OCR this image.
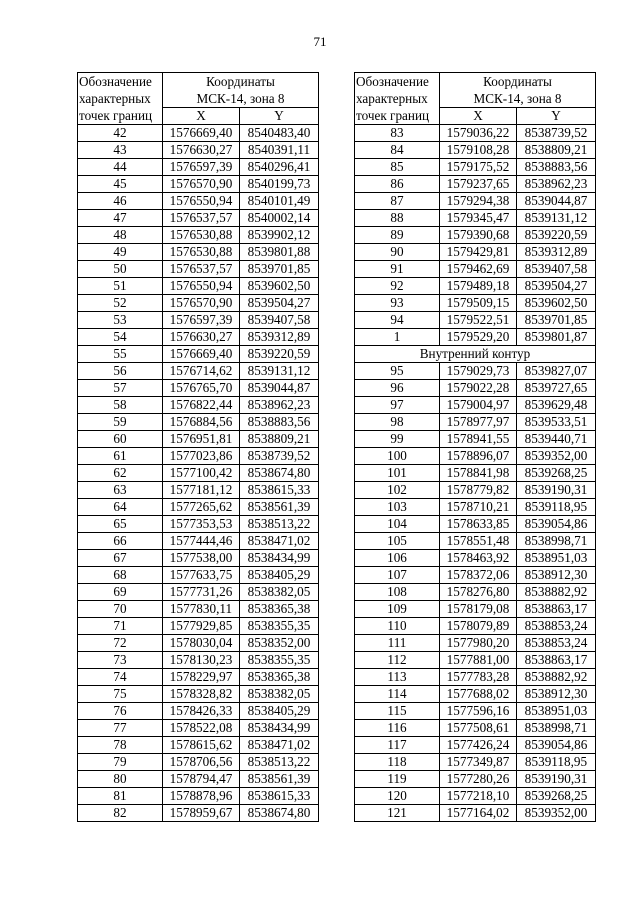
71
Обозначение
характерных
точек границ	Координаты
МСК-14, зона 8	
	X	Y
42	1576669,40	8540483,40
43	1576630,27	8540391,11
44	1576597,39	8540296,41
45	1576570,90	8540199,73
46	1576550,94	8540101,49
47	1576537,57	8540002,14
48	1576530,88	8539902,12
49	1576530,88	8539801,88
50	1576537,57	8539701,85
51	1576550,94	8539602,50
52	1576570,90	8539504,27
53	1576597,39	8539407,58
54	1576630,27	8539312,89
55	1576669,40	8539220,59
56	1576714,62	8539131,12
57	1576765,70	8539044,87
58	1576822,44	8538962,23
59	1576884,56	8538883,56
60	1576951,81	8538809,21
61	1577023,86	8538739,52
62	1577100,42	8538674,80
63	1577181,12	8538615,33
64	1577265,62	8538561,39
65	1577353,53	8538513,22
66	1577444,46	8538471,02
67	1577538,00	8538434,99
68	1577633,75	8538405,29
69	1577731,26	8538382,05
70	1577830,11	8538365,38
71	1577929,85	8538355,35
72	1578030,04	8538352,00
73	1578130,23	8538355,35
74	1578229,97	8538365,38
75	1578328,82	8538382,05
76	1578426,33	8538405,29
77	1578522,08	8538434,99
78	1578615,62	8538471,02
79	1578706,56	8538513,22
80	1578794,47	8538561,39
81	1578878,96	8538615,33
82	1578959,67	8538674,80
Обозначение
характерных
точек границ	Координаты
МСК-14, зона 8	
	X	Y
83	1579036,22	8538739,52
84	1579108,28	8538809,21
85	1579175,52	8538883,56
86	1579237,65	8538962,23
87	1579294,38	8539044,87
88	1579345,47	8539131,12
89	1579390,68	8539220,59
90	1579429,81	8539312,89
91	1579462,69	8539407,58
92	1579489,18	8539504,27
93	1579509,15	8539602,50
94	1579522,51	8539701,85
1	1579529,20	8539801,87
Внутренний контур		
95	1579029,73	8539827,07
96	1579022,28	8539727,65
97	1579004,97	8539629,48
98	1578977,97	8539533,51
99	1578941,55	8539440,71
100	1578896,07	8539352,00
101	1578841,98	8539268,25
102	1578779,82	8539190,31
103	1578710,21	8539118,95
104	1578633,85	8539054,86
105	1578551,48	8538998,71
106	1578463,92	8538951,03
107	1578372,06	8538912,30
108	1578276,80	8538882,92
109	1578179,08	8538863,17
110	1578079,89	8538853,24
111	1577980,20	8538853,24
112	1577881,00	8538863,17
113	1577783,28	8538882,92
114	1577688,02	8538912,30
115	1577596,16	8538951,03
116	1577508,61	8538998,71
117	1577426,24	8539054,86
118	1577349,87	8539118,95
119	1577280,26	8539190,31
120	1577218,10	8539268,25
121	1577164,02	8539352,00
